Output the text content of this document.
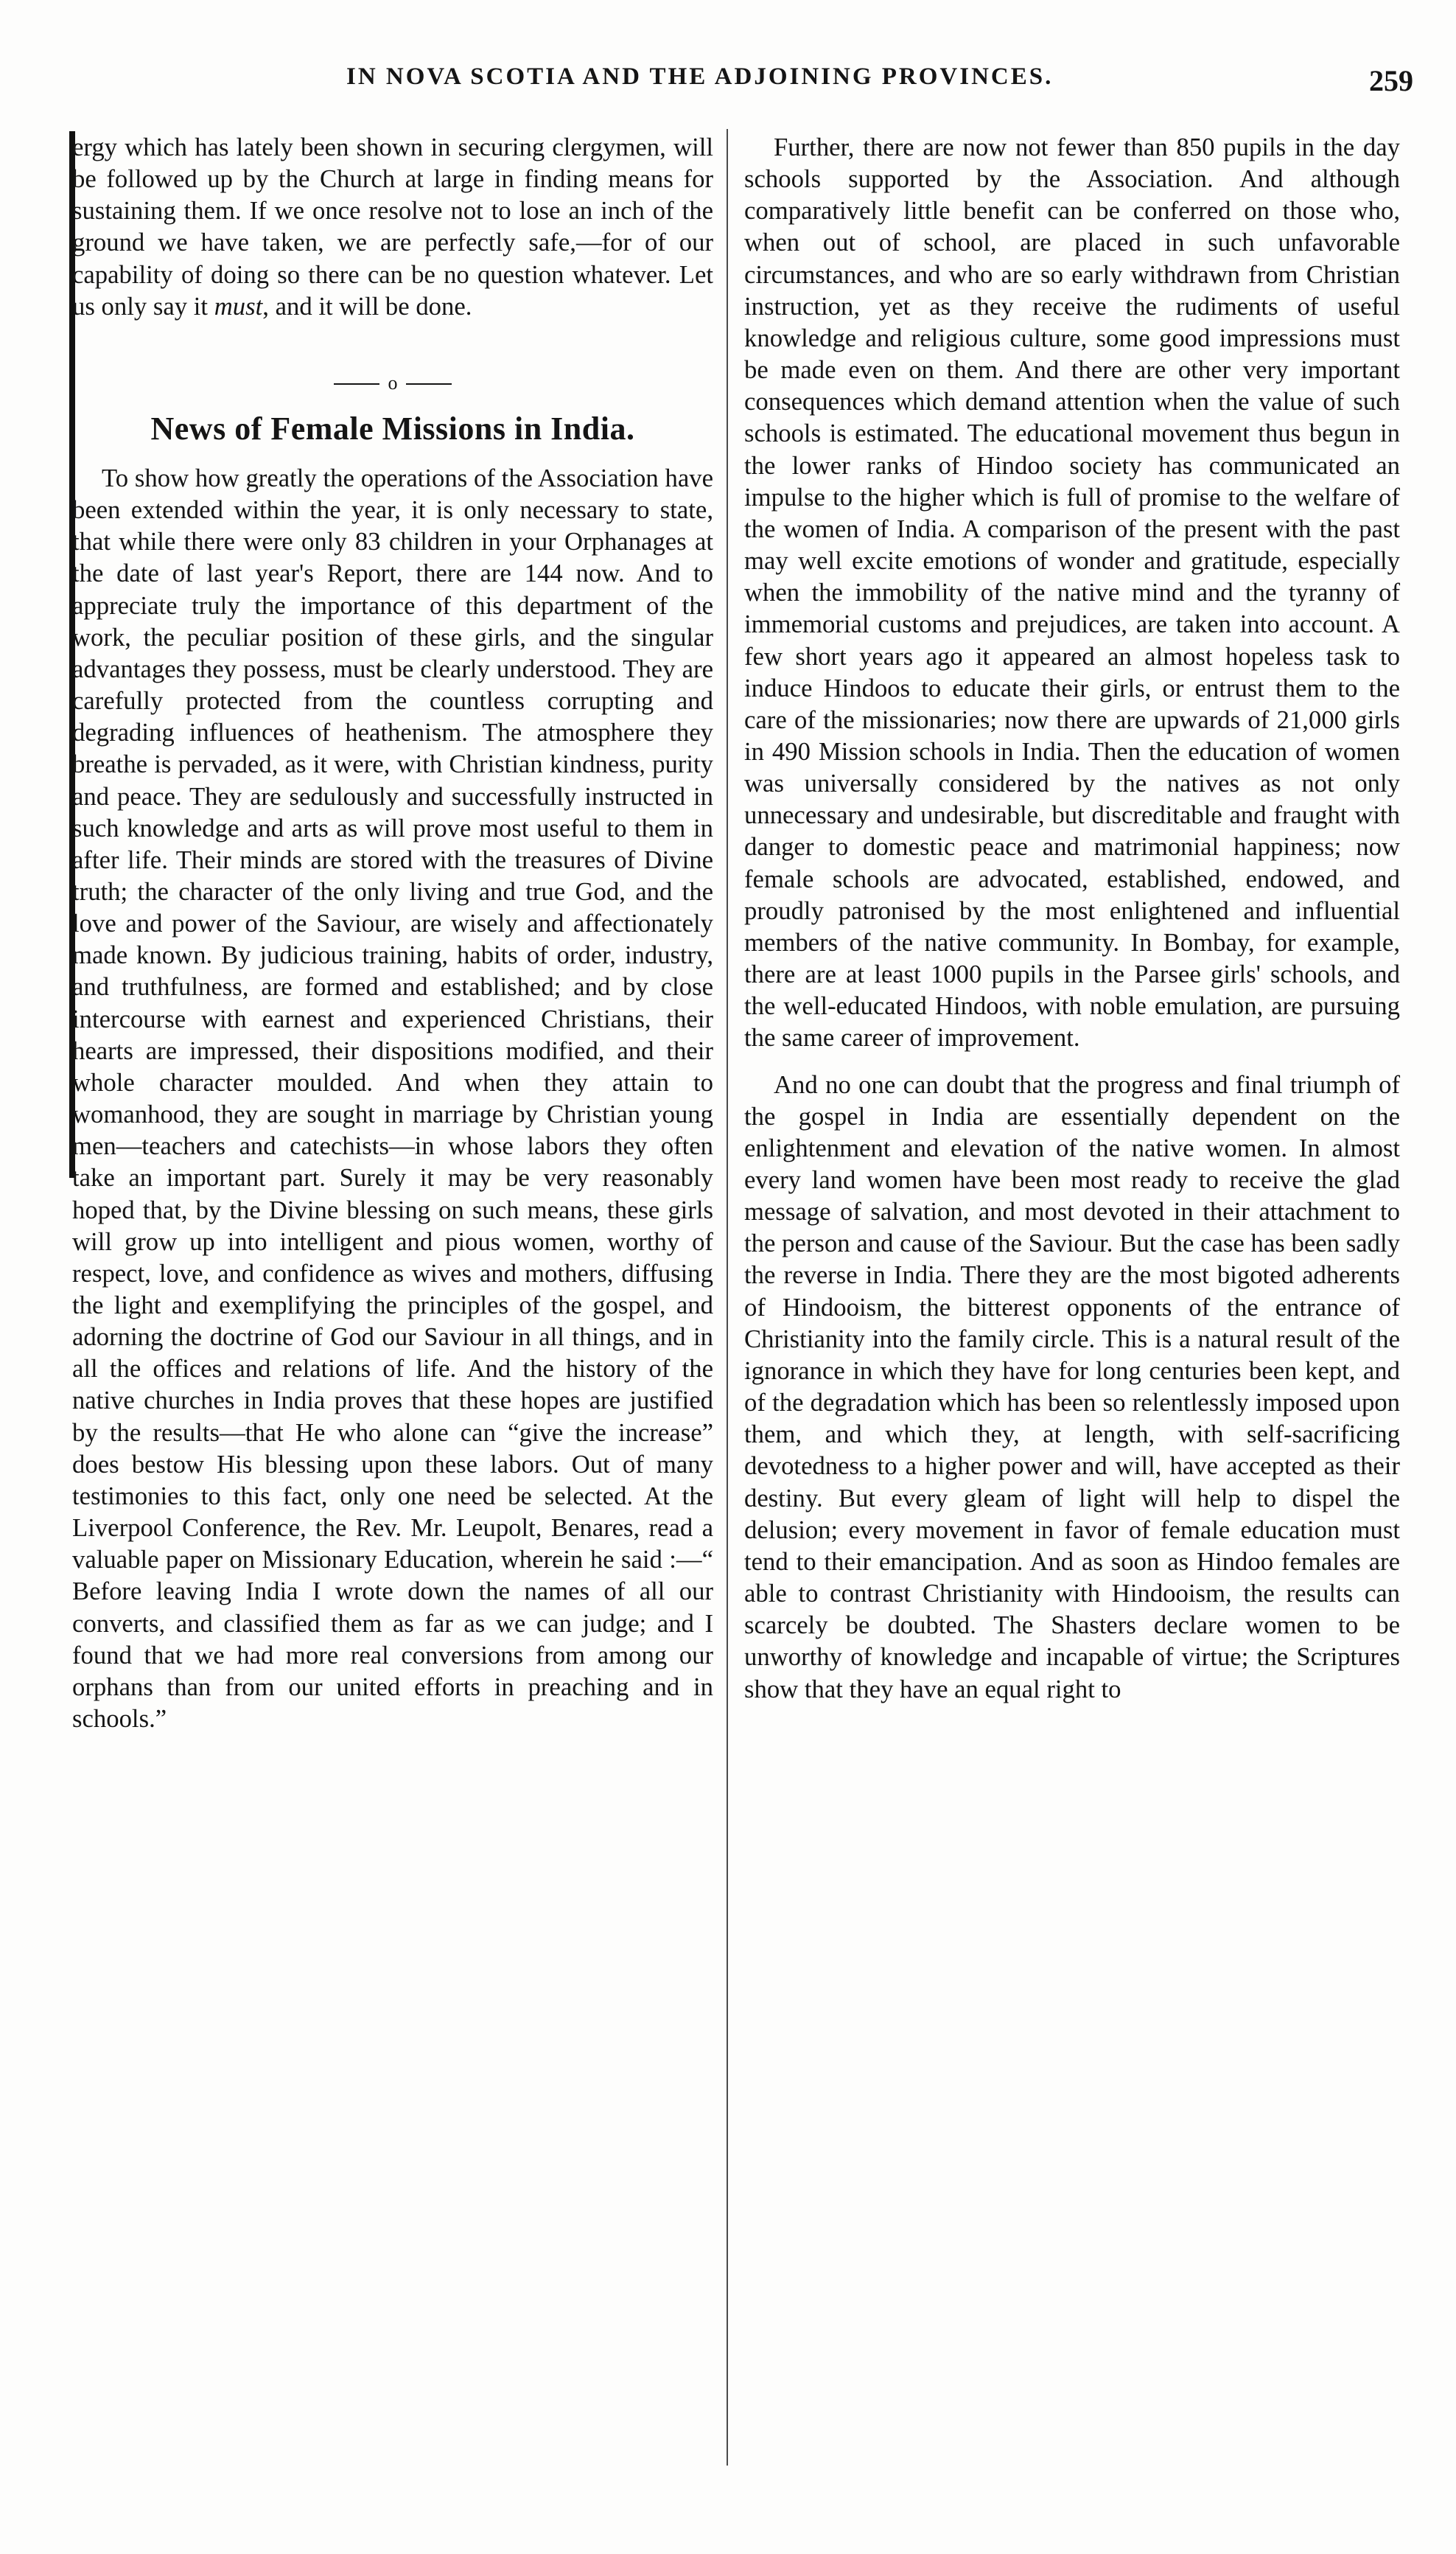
IN NOVA SCOTIA AND THE ADJOINING PROVINCES.	259

ergy which has lately been shown in securing clergymen, will be followed up by the Church at large in finding means for sustaining them. If we once resolve not to lose an inch of the ground we have taken, we are perfectly safe,—for of our capability of doing so there can be no question whatever. Let us only say it must, and it will be done.

o
News of Female Missions in India.

To show how greatly the operations of the Association have been extended within the year, it is only necessary to state, that while there were only 83 children in your Orphanages at the date of last year's Report, there are 144 now. And to appreciate truly the importance of this department of the work, the peculiar position of these girls, and the singular advantages they possess, must be clearly understood. They are carefully protected from the countless corrupting and degrading influences of heathenism. The atmosphere they breathe is pervaded, as it were, with Christian kindness, purity and peace. They are sedulously and successfully instructed in such knowledge and arts as will prove most useful to them in after life. Their minds are stored with the treasures of Divine truth; the character of the only living and true God, and the love and power of the Saviour, are wisely and affectionately made known. By judicious training, habits of order, industry, and truthfulness, are formed and established; and by close intercourse with earnest and experienced Christians, their hearts are impressed, their dispositions modified, and their whole character moulded. And when they attain to womanhood, they are sought in marriage by Christian young men—teachers and catechists—in whose labors they often take an important part. Surely it may be very reasonably hoped that, by the Divine blessing on such means, these girls will grow up into intelligent and pious women, worthy of respect, love, and confidence as wives and mothers, diffusing the light and exemplifying the principles of the gospel, and adorning the doctrine of God our Saviour in all things, and in all the offices and relations of life. And the history of the native churches in India proves that these hopes are justified by the results—that He who alone can “give the increase” does bestow His blessing upon these labors. Out of many testimonies to this fact, only one need be selected. At the Liverpool Conference, the Rev. Mr. Leupolt, Benares, read a valuable paper on Missionary Education, wherein he said :—“ Before leaving India I wrote down the names of all our converts, and classified them as far as we can judge; and I found that we had more real conversions from among our orphans than from our united efforts in preaching and in schools.”

Further, there are now not fewer than 850 pupils in the day schools supported by the Association. And although comparatively little benefit can be conferred on those who, when out of school, are placed in such unfavorable circumstances, and who are so early withdrawn from Christian instruction, yet as they receive the rudiments of useful knowledge and religious culture, some good impressions must be made even on them. And there are other very important consequences which demand attention when the value of such schools is estimated. The educational movement thus begun in the lower ranks of Hindoo society has communicated an impulse to the higher which is full of promise to the welfare of the women of India. A comparison of the present with the past may well excite emotions of wonder and gratitude, especially when the immobility of the native mind and the tyranny of immemorial customs and prejudices, are taken into account. A few short years ago it appeared an almost hopeless task to induce Hindoos to educate their girls, or entrust them to the care of the missionaries; now there are upwards of 21,000 girls in 490 Mission schools in India. Then the education of women was universally considered by the natives as not only unnecessary and undesirable, but discreditable and fraught with danger to domestic peace and matrimonial happiness; now female schools are advocated, established, endowed, and proudly patronised by the most enlightened and influential members of the native community. In Bombay, for example, there are at least 1000 pupils in the Parsee girls' schools, and the well-educated Hindoos, with noble emulation, are pursuing the same career of improvement.

And no one can doubt that the progress and final triumph of the gospel in India are essentially dependent on the enlightenment and elevation of the native women. In almost every land women have been most ready to receive the glad message of salvation, and most devoted in their attachment to the person and cause of the Saviour. But the case has been sadly the reverse in India. There they are the most bigoted adherents of Hindooism, the bitterest opponents of the entrance of Christianity into the family circle. This is a natural result of the ignorance in which they have for long centuries been kept, and of the degradation which has been so relentlessly imposed upon them, and which they, at length, with self-sacrificing devotedness to a higher power and will, have accepted as their destiny. But every gleam of light will help to dispel the delusion; every movement in favor of female education must tend to their emancipation. And as soon as Hindoo females are able to contrast Christianity with Hindooism, the results can scarcely be doubted. The Shasters declare women to be unworthy of knowledge and incapable of virtue; the Scriptures show that they have an equal right to
